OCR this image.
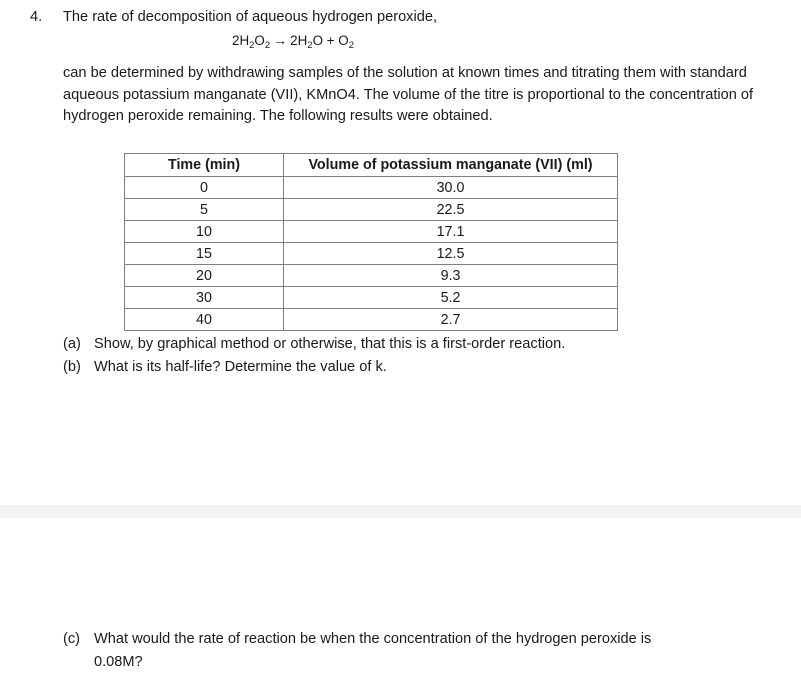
4.	The rate of decomposition of aqueous hydrogen peroxide,

$2H_2O_2 \to 2H_2O + O_2$

can be determined by withdrawing samples of the solution at known times and titrating them with standard aqueous potassium manganate (VII), KMnO4. The volume of the titre is proportional to the concentration of hydrogen peroxide remaining. The following results were obtained.

Time (min)	Volume of potassium manganate (VII) (ml)
0	30.0
5	22.5
10	17.1
15	12.5
20	9.3
30	5.2
40	2.7
(a) Show, by graphical method or otherwise, that this is a first-order reaction.
(b) What is its half-life? Determine the value of k.
(c) What would the rate of reaction be when the concentration of the hydrogen peroxide is
0.08M?
